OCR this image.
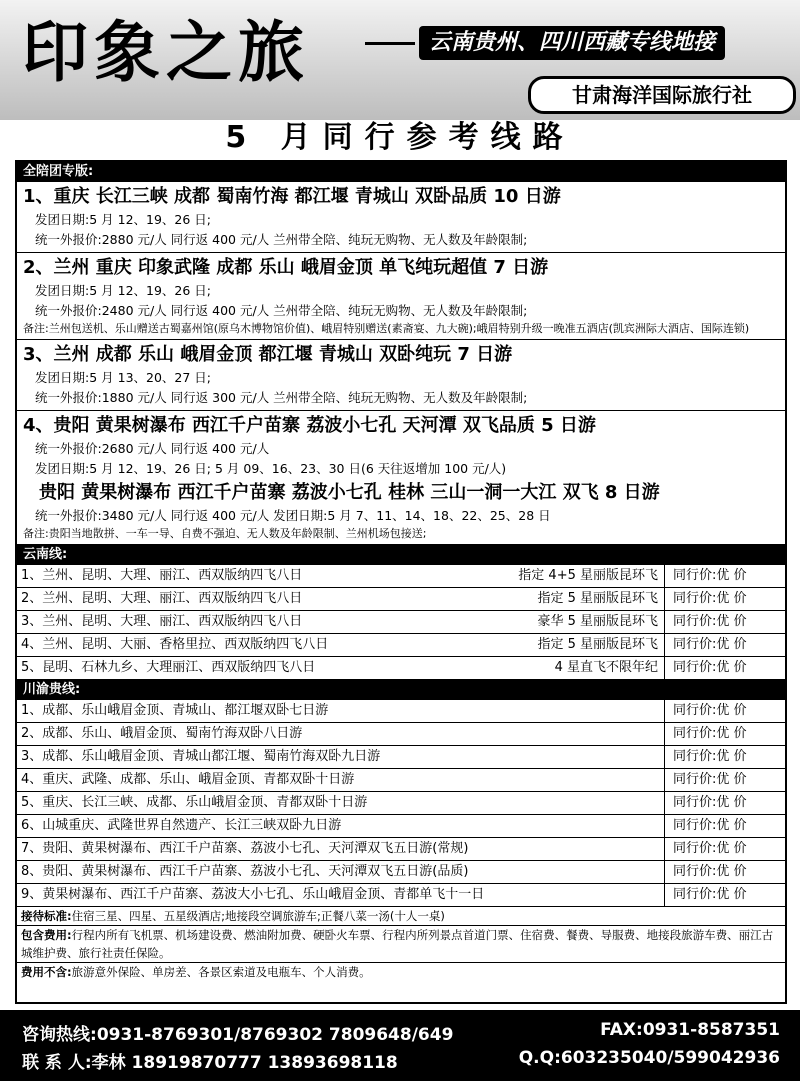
印象之旅	云南贵州、四川西藏专线地接
甘肃海洋国际旅行社
5 月同行参考线路
全陪团专版:
1、重庆 长江三峡 成都 蜀南竹海 都江堰 青城山 双卧品质 10 日游
发团日期:5 月 12、19、26 日;
统一外报价:2880 元/人 同行返 400 元/人 兰州带全陪、纯玩无购物、无人数及年龄限制;
2、兰州 重庆 印象武隆 成都 乐山 峨眉金顶 单飞纯玩超值 7 日游
发团日期:5 月 12、19、26 日;
统一外报价:2480 元/人 同行返 400 元/人 兰州带全陪、纯玩无购物、无人数及年龄限制;
备注:兰州包送机、乐山赠送古蜀嘉州馆(原乌木博物馆价值)、峨眉特别赠送(素斋宴、九大碗);峨眉特别升级一晚准五酒店(凯宾洲际大酒店、国际连锁)
3、兰州 成都 乐山 峨眉金顶 都江堰 青城山 双卧纯玩 7 日游
发团日期:5 月 13、20、27 日;
统一外报价:1880 元/人 同行返 300 元/人 兰州带全陪、纯玩无购物、无人数及年龄限制;
4、贵阳 黄果树瀑布 西江千户苗寨 荔波小七孔 天河潭 双飞品质 5 日游
统一外报价:2680 元/人 同行返 400 元/人
发团日期:5 月 12、19、26 日; 5 月 09、16、23、30 日(6 天往返增加 100 元/人)
贵阳 黄果树瀑布 西江千户苗寨 荔波小七孔 桂林 三山一洞一大江 双飞 8 日游
统一外报价:3480 元/人 同行返 400 元/人 发团日期:5 月 7、11、14、18、22、25、28 日
备注:贵阳当地散拼、一车一导、自费不强迫、无人数及年龄限制、兰州机场包接送;
云南线:
1、兰州、昆明、大理、丽江、西双版纳四飞八日	指定 4+5 星丽版昆环飞	同行价:优 价
2、兰州、昆明、大理、丽江、西双版纳四飞八日	指定 5 星丽版昆环飞	同行价:优 价
3、兰州、昆明、大理、丽江、西双版纳四飞八日	豪华 5 星丽版昆环飞	同行价:优 价
4、兰州、昆明、大丽、香格里拉、西双版纳四飞八日	指定 5 星丽版昆环飞	同行价:优 价
5、昆明、石林九乡、大理丽江、西双版纳四飞八日	4 星直飞不限年纪	同行价:优 价
川渝贵线:
1、成都、乐山峨眉金顶、青城山、都江堰双卧七日游	同行价:优 价
2、成都、乐山、峨眉金顶、蜀南竹海双卧八日游	同行价:优 价
3、成都、乐山峨眉金顶、青城山都江堰、蜀南竹海双卧九日游	同行价:优 价
4、重庆、武隆、成都、乐山、峨眉金顶、青都双卧十日游	同行价:优 价
5、重庆、长江三峡、成都、乐山峨眉金顶、青都双卧十日游	同行价:优 价
6、山城重庆、武隆世界自然遗产、长江三峡双卧九日游	同行价:优 价
7、贵阳、黄果树瀑布、西江千户苗寨、荔波小七孔、天河潭双飞五日游(常规)	同行价:优 价
8、贵阳、黄果树瀑布、西江千户苗寨、荔波小七孔、天河潭双飞五日游(品质)	同行价:优 价
9、黄果树瀑布、西江千户苗寨、荔波大小七孔、乐山峨眉金顶、青都单飞十一日	同行价:优 价
接待标准:住宿三星、四星、五星级酒店;地接段空调旅游车;正餐八菜一汤(十人一桌)
包含费用:行程内所有飞机票、机场建设费、燃油附加费、硬卧火车票、行程内所列景点首道门票、住宿费、餐费、导服费、地接段旅游车费、丽江古城维护费、旅行社责任保险。
费用不含:旅游意外保险、单房差、各景区索道及电瓶车、个人消费。
咨询热线:0931-8769301/8769302 7809648/649	FAX:0931-8587351
联 系 人:李林 18919870777 13893698118	Q.Q:603235040/599042936
